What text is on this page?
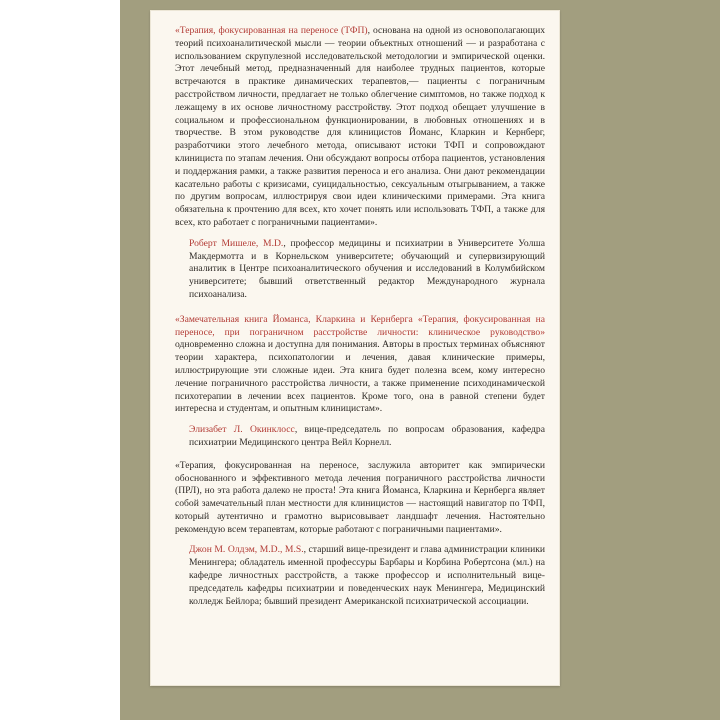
«Терапия, фокусированная на переносе (ТФП), основана на одной из основополагающих теорий психоаналитической мысли — теории объектных отношений — и разработана с использованием скрупулезной исследовательской методологии и эмпирической оценки. Этот лечебный метод, предназначенный для наиболее трудных пациентов, которые встречаются в практике динамических терапевтов,— пациенты с пограничным расстройством личности, предлагает не только облегчение симптомов, но также подход к лежащему в их основе личностному расстройству. Этот подход обещает улучшение в социальном и профессиональном функционировании, в любовных отношениях и в творчестве. В этом руководстве для клиницистов Йоманс, Кларкин и Кернберг, разработчики этого лечебного метода, описывают истоки ТФП и сопровождают клинициста по этапам лечения. Они обсуждают вопросы отбора пациентов, установления и поддержания рамки, а также развития переноса и его анализа. Они дают рекомендации касательно работы с кризисами, суицидальностью, сексуальным отыгрыванием, а также по другим вопросам, иллюстрируя свои идеи клиническими примерами. Эта книга обязательна к прочтению для всех, кто хочет понять или использовать ТФП, а также для всех, кто работает с пограничными пациентами».

Роберт Мишеле, M.D., профессор медицины и психиатрии в Университете Уолша Макдермотта и в Корнельском университете; обучающий и супервизирующий аналитик в Центре психоаналитического обучения и исследований в Колумбийском университете; бывший ответственный редактор Международного журнала психоанализа.

«Замечательная книга Йоманса, Кларкина и Кернберга «Терапия, фокусированная на переносе, при пограничном расстройстве личности: клиническое руководство» одновременно сложна и доступна для понимания. Авторы в простых терминах объясняют теории характера, психопатологии и лечения, давая клинические примеры, иллюстрирующие эти сложные идеи. Эта книга будет полезна всем, кому интересно лечение пограничного расстройства личности, а также применение психодинамической психотерапии в лечении всех пациентов. Кроме того, она в равной степени будет интересна и студентам, и опытным клиницистам».

Элизабет Л. Окинклосс, вице-председатель по вопросам образования, кафедра психиатрии Медицинского центра Вейл Корнелл.

«Терапия, фокусированная на переносе, заслужила авторитет как эмпирически обоснованного и эффективного метода лечения пограничного расстройства личности (ПРЛ), но эта работа далеко не проста! Эта книга Йоманса, Кларкина и Кернберга являет собой замечательный план местности для клиницистов — настоящий навигатор по ТФП, который аутентично и грамотно вырисовывает ландшафт лечения. Настоятельно рекомендую всем терапевтам, которые работают с пограничными пациентами».

Джон М. Олдэм, M.D., M.S., старший вице-президент и глава администрации клиники Менингера; обладатель именной профессуры Барбары и Корбина Робертсона (мл.) на кафедре личностных расстройств, а также профессор и исполнительный вице-председатель кафедры психиатрии и поведенческих наук Менингера, Медицинский колледж Бейлора; бывший президент Американской психиатрической ассоциации.
